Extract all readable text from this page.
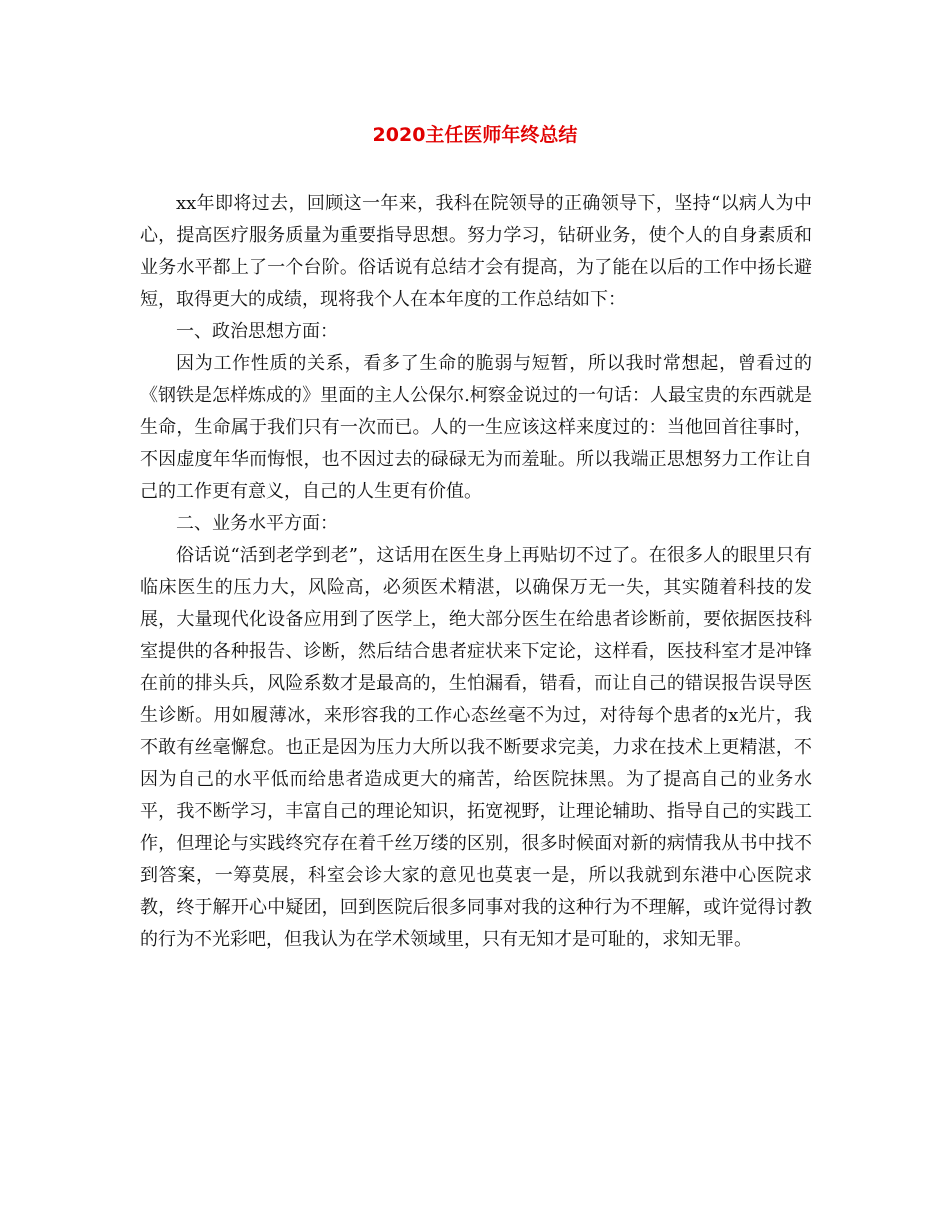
2020主任医师年终总结

xx年即将过去，回顾这一年来，我科在院领导的正确领导下，坚持“以病人为中心，提高医疗服务质量为重要指导思想。努力学习，钻研业务，使个人的自身素质和业务水平都上了一个台阶。俗话说有总结才会有提高，为了能在以后的工作中扬长避短，取得更大的成绩，现将我个人在本年度的工作总结如下：

一、政治思想方面：

因为工作性质的关系，看多了生命的脆弱与短暂，所以我时常想起，曾看过的《钢铁是怎样炼成的》里面的主人公保尔.柯察金说过的一句话：人最宝贵的东西就是生命，生命属于我们只有一次而已。人的一生应该这样来度过的：当他回首往事时，不因虚度年华而悔恨，也不因过去的碌碌无为而羞耻。所以我端正思想努力工作让自己的工作更有意义，自己的人生更有价值。

二、业务水平方面：

俗话说“活到老学到老”，这话用在医生身上再贴切不过了。在很多人的眼里只有临床医生的压力大，风险高，必须医术精湛，以确保万无一失，其实随着科技的发展，大量现代化设备应用到了医学上，绝大部分医生在给患者诊断前，要依据医技科室提供的各种报告、诊断，然后结合患者症状来下定论，这样看，医技科室才是冲锋在前的排头兵，风险系数才是最高的，生怕漏看，错看，而让自己的错误报告误导医生诊断。用如履薄冰，来形容我的工作心态丝毫不为过，对待每个患者的x光片，我不敢有丝毫懈怠。也正是因为压力大所以我不断要求完美，力求在技术上更精湛，不因为自己的水平低而给患者造成更大的痛苦，给医院抹黑。为了提高自己的业务水平，我不断学习，丰富自己的理论知识，拓宽视野，让理论辅助、指导自己的实践工作，但理论与实践终究存在着千丝万缕的区别，很多时候面对新的病情我从书中找不到答案，一筹莫展，科室会诊大家的意见也莫衷一是，所以我就到东港中心医院求教，终于解开心中疑团，回到医院后很多同事对我的这种行为不理解，或许觉得讨教的行为不光彩吧，但我认为在学术领域里，只有无知才是可耻的，求知无罪。
